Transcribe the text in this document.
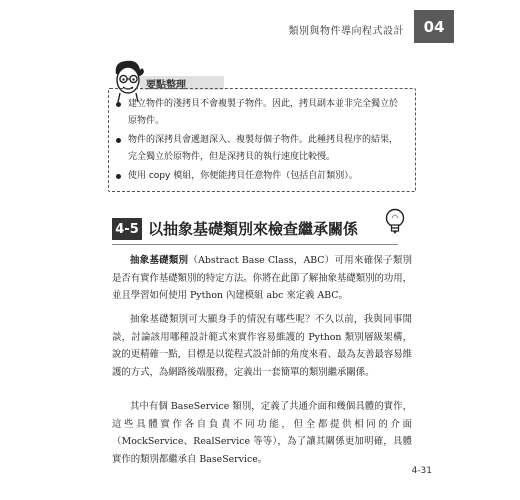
類別與物件導向程式設計	04
要點整理
建立物件的淺拷貝不會複製子物件。因此，拷貝副本並非完全獨立於原物件。
物件的深拷貝會遞迴深入、複製每個子物件。此種拷貝程序的結果，完全獨立於原物件，但是深拷貝的執行速度比較慢。
使用 copy 模組，你便能拷貝任意物件（包括自訂類別）。
4-5 以抽象基礎類別來檢查繼承關係

抽象基礎類別（Abstract Base Class，ABC）可用來確保子類別是否有實作基礎類別的特定方法。你將在此節了解抽象基礎類別的功用，並且學習如何使用 Python 內建模組 abc 來定義 ABC。

抽象基礎類別可大顯身手的情況有哪些呢？不久以前，我與同事閒談，討論該用哪種設計範式來實作容易維護的 Python 類別層級架構，說的更精確一點，目標是以從程式設計師的角度來看、最為友善最容易維護的方式，為網路後端服務，定義出一套簡單的類別繼承關係。

其中有個 BaseService 類別，定義了共通介面和幾個具體的實作，這些具體實作各自負責不同功能，但全都提供相同的介面（MockService、RealService 等等），為了讓其關係更加明確，具體實作的類別都繼承自 BaseService。

4-31
